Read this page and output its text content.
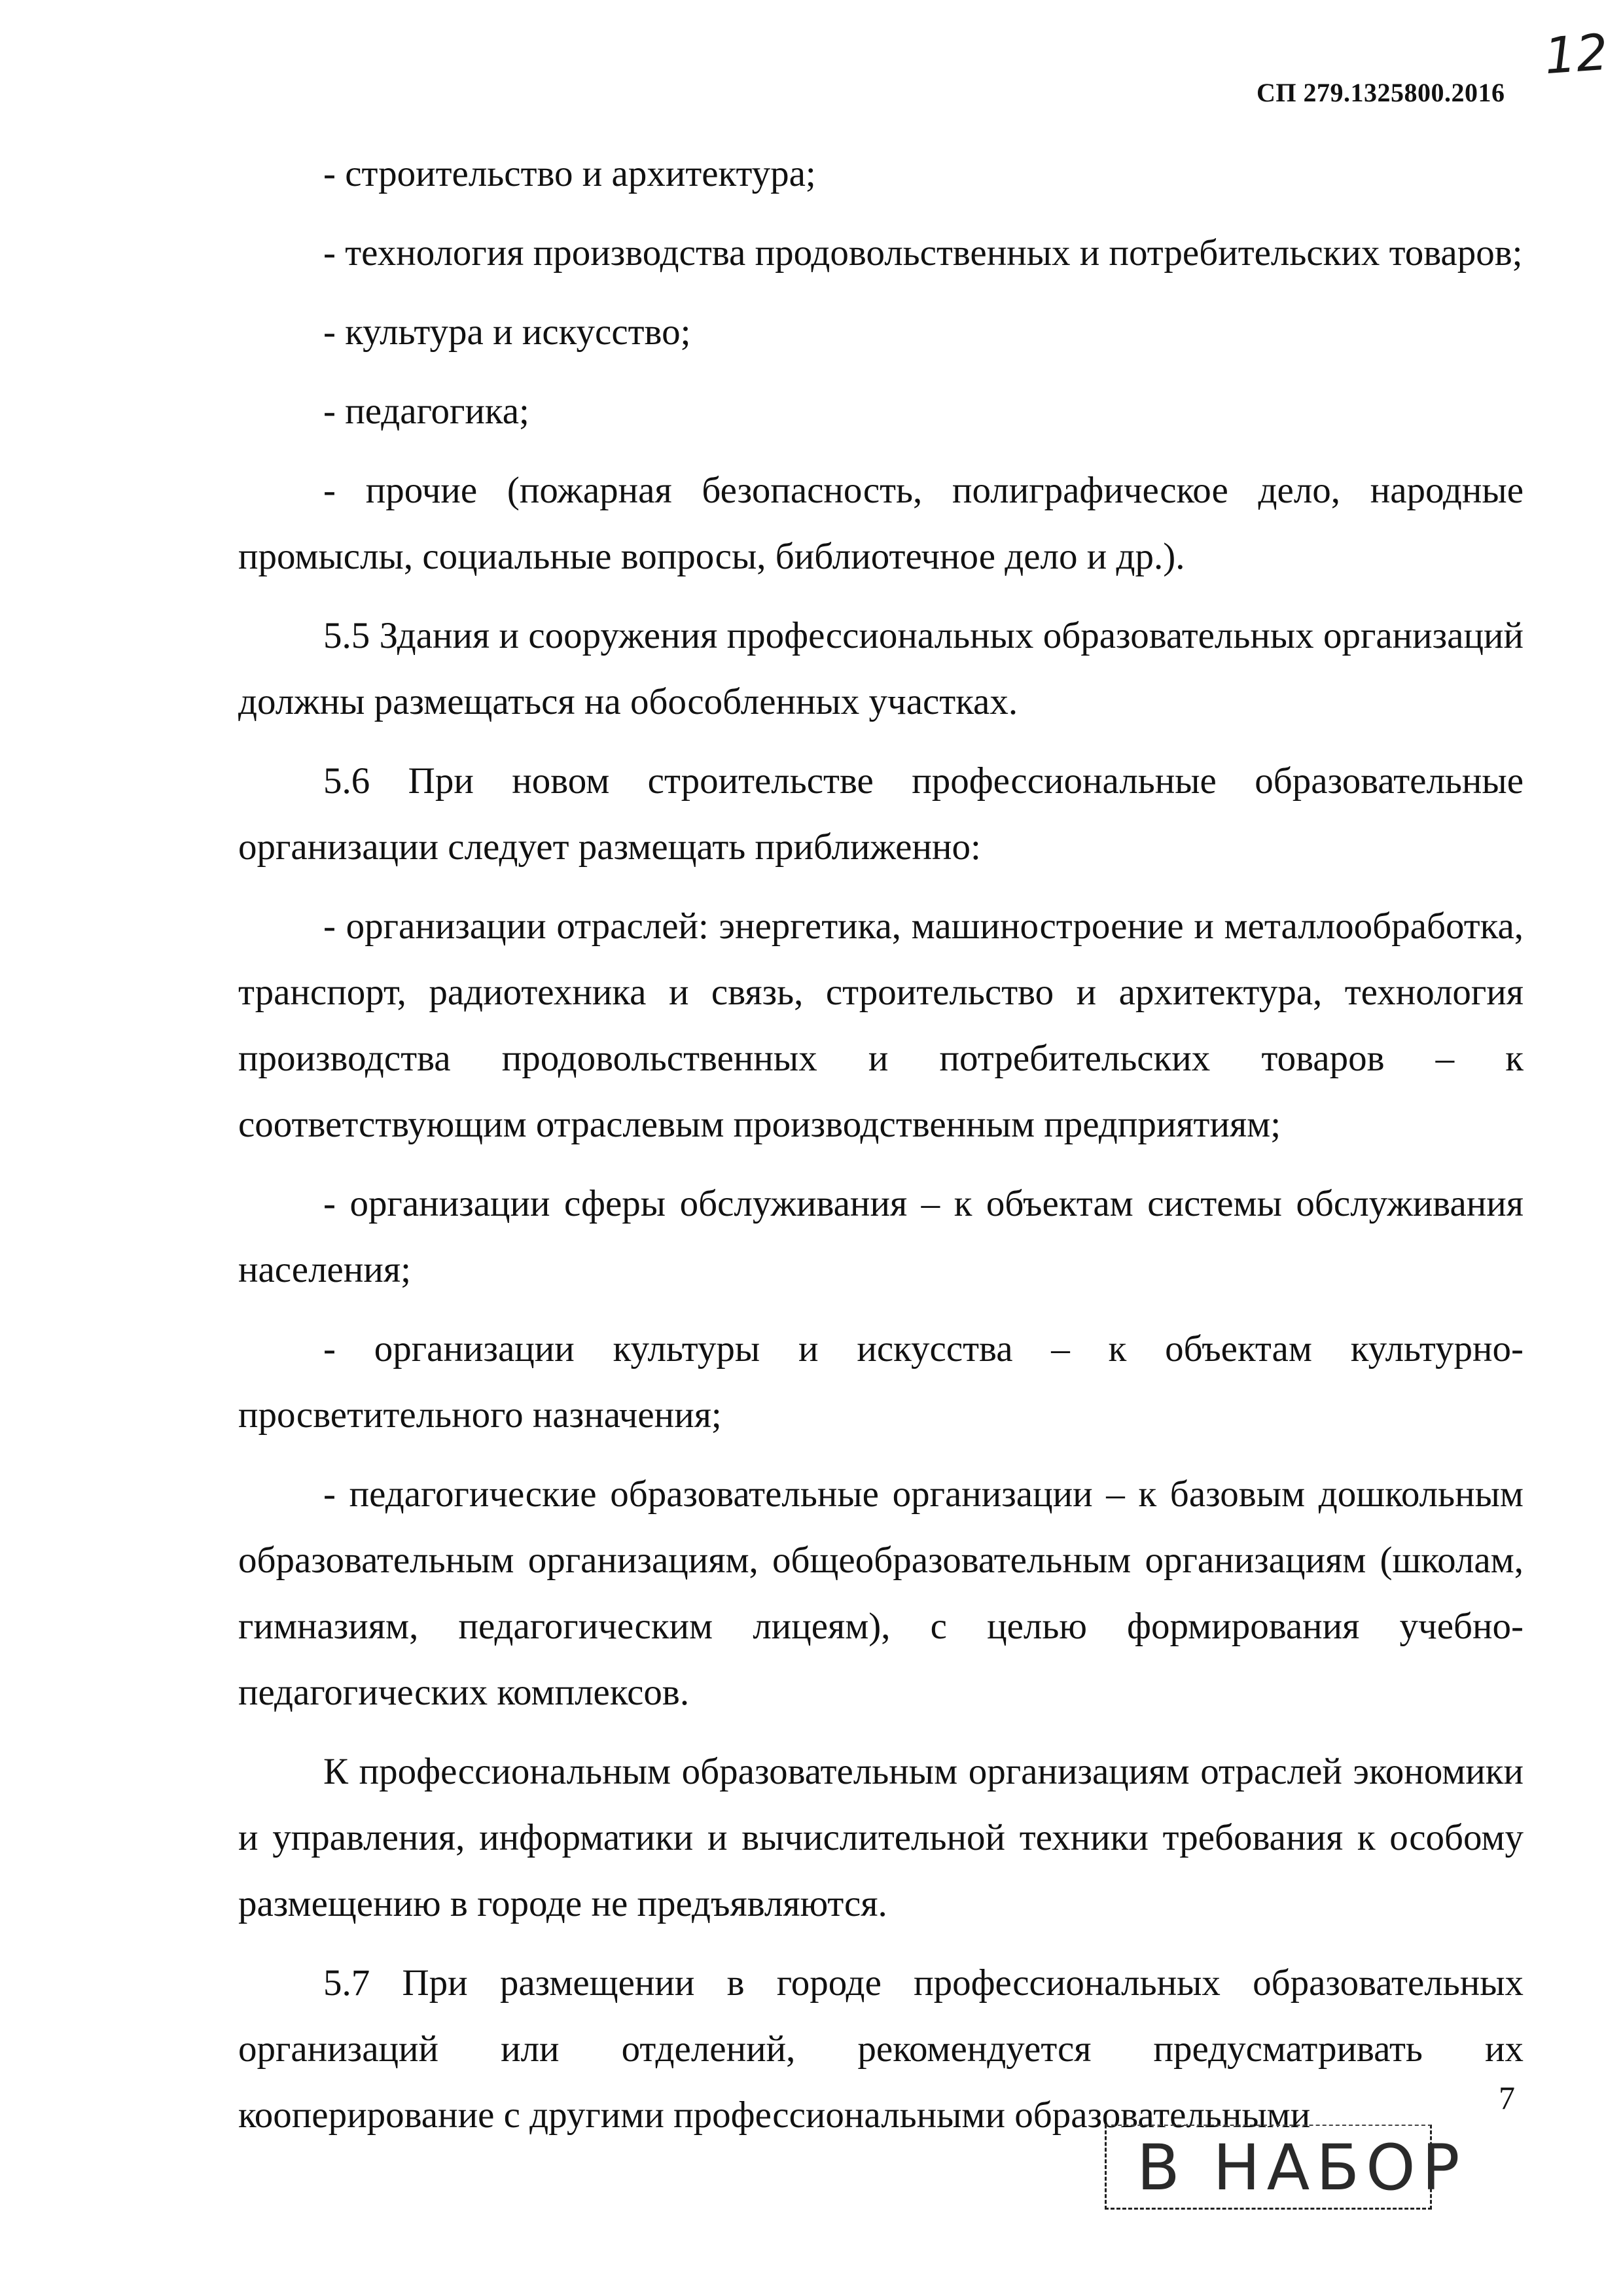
СП 279.1325800.2016
12

- строительство и архитектура;

- технология производства продовольственных и потребительских товаров;

- культура и искусство;

- педагогика;

- прочие (пожарная безопасность, полиграфическое дело, народные промыслы, социальные вопросы, библиотечное дело и др.).

5.5 Здания и сооружения профессиональных образовательных организаций должны размещаться на обособленных участках.

5.6 При новом строительстве профессиональные образовательные организации следует размещать приближенно:

- организации отраслей: энергетика, машиностроение и металлообработка, транспорт, радиотехника и связь, строительство и архитектура, технология производства продовольственных и потребительских товаров – к соответствующим отраслевым производственным предприятиям;

- организации сферы обслуживания – к объектам системы обслуживания населения;

- организации культуры и искусства – к объектам культурно-просветительного назначения;

- педагогические образовательные организации – к базовым дошкольным образовательным организациям, общеобразовательным организациям (школам, гимназиям, педагогическим лицеям), с целью формирования учебно-педагогических комплексов.

К профессиональным образовательным организациям отраслей экономики и управления, информатики и вычислительной техники требования к особому размещению в городе не предъявляются.

5.7 При размещении в городе профессиональных образовательных организаций или отделений, рекомендуется предусматривать их кооперирование с другими профессиональными образовательными	7
В НАБОР
